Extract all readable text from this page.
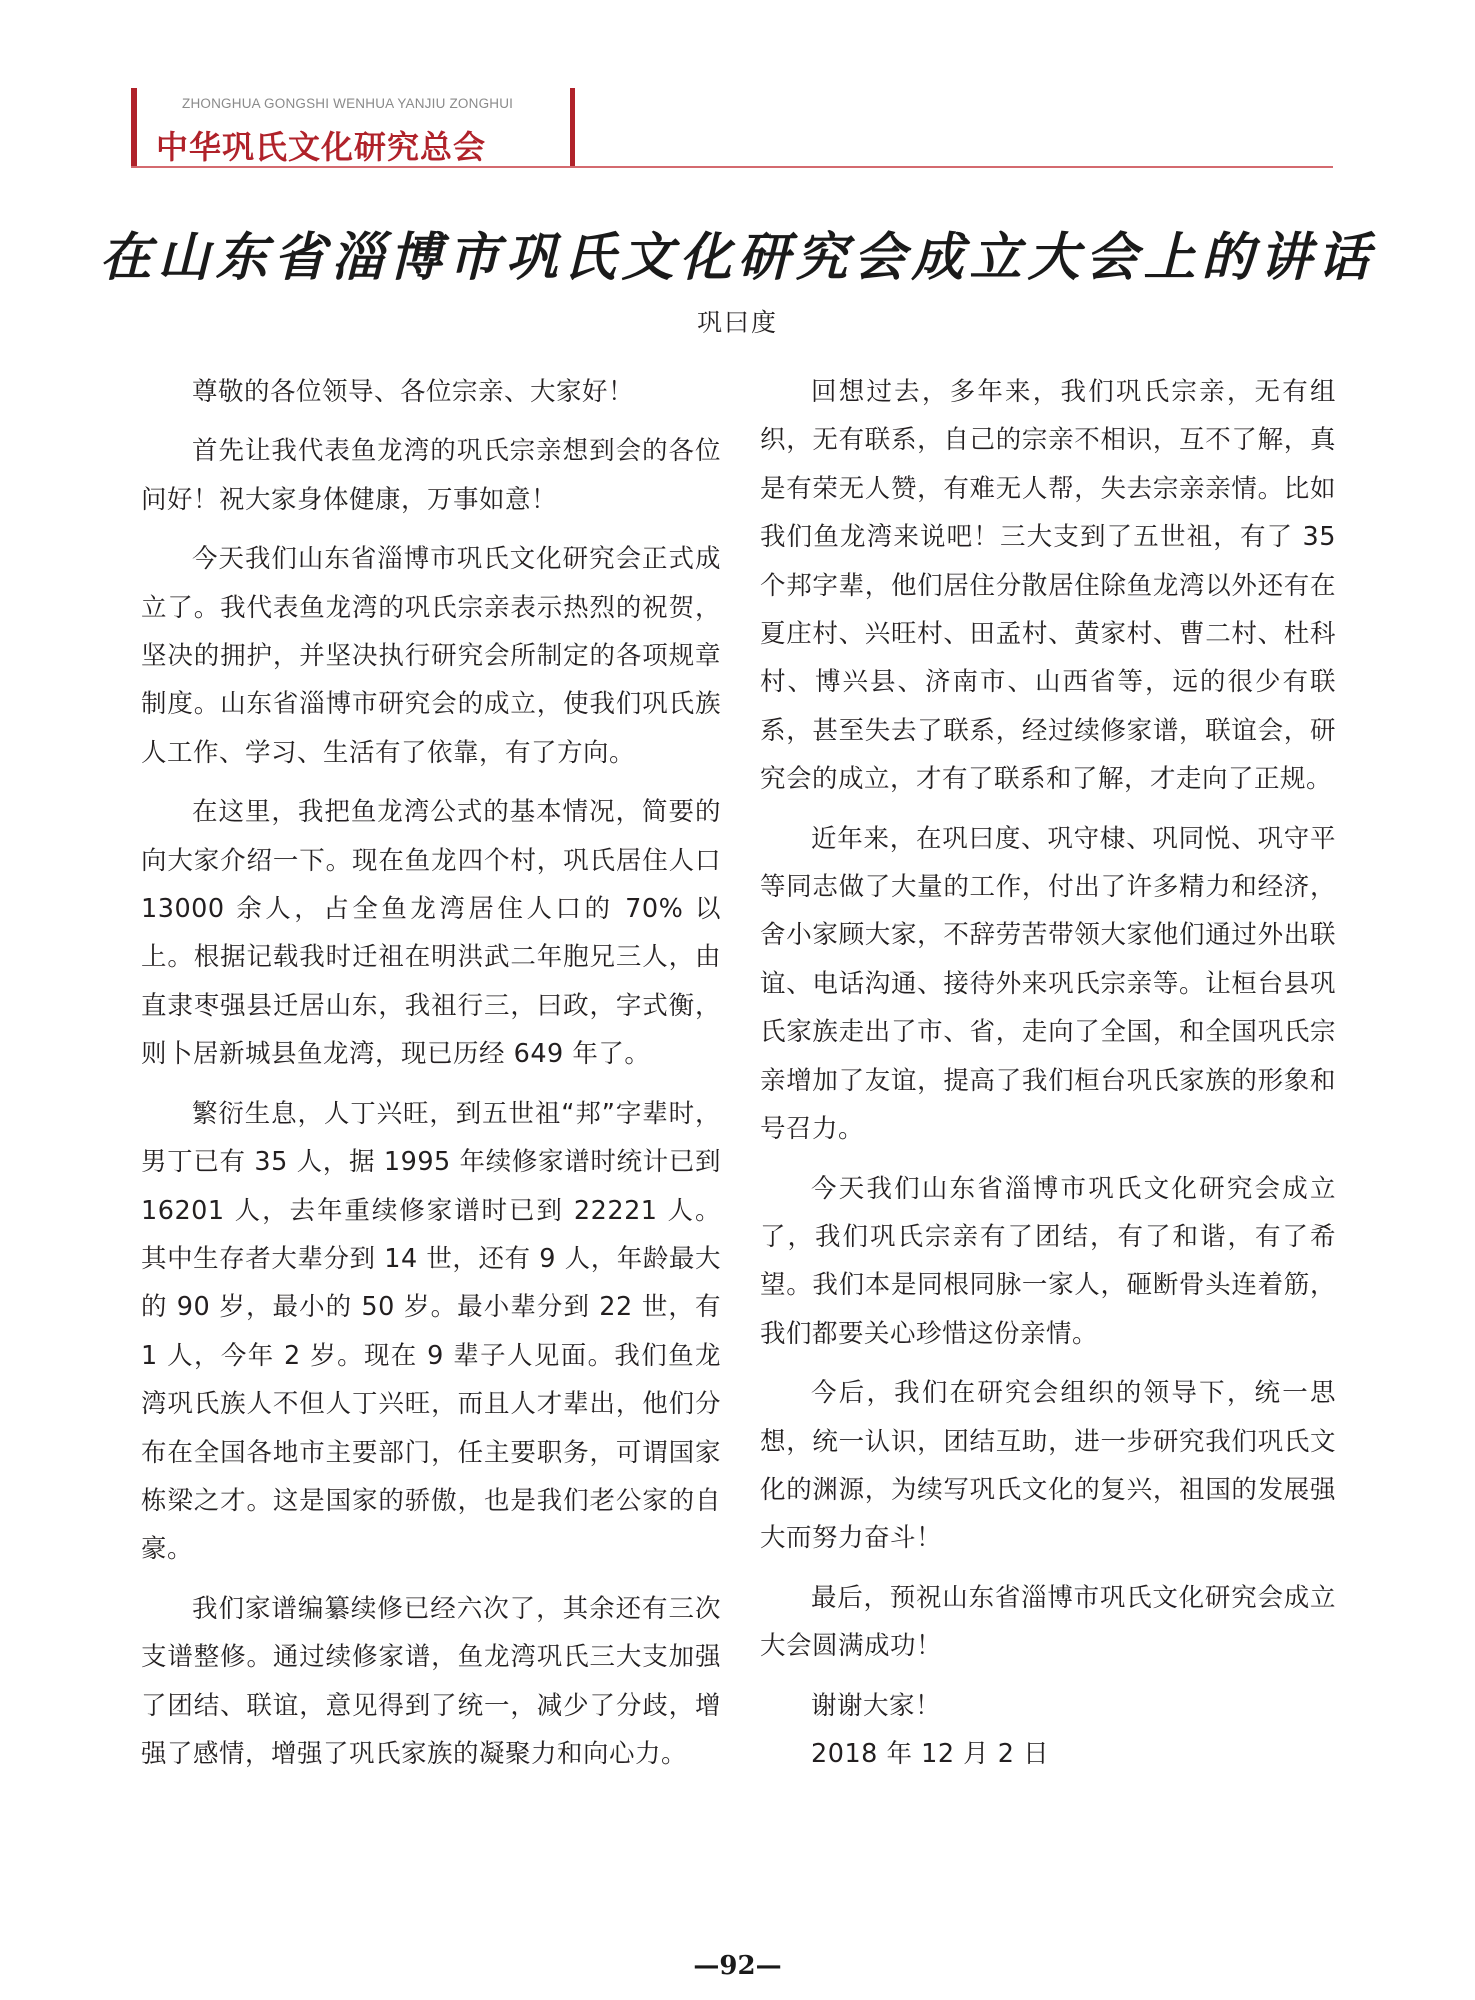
ZHONGHUA GONGSHI WENHUA YANJIU ZONGHUI
中华巩氏文化研究总会
在山东省淄博市巩氏文化研究会成立大会上的讲话
巩曰度

尊敬的各位领导、各位宗亲、大家好！

首先让我代表鱼龙湾的巩氏宗亲想到会的各位问好！祝大家身体健康，万事如意！

今天我们山东省淄博市巩氏文化研究会正式成立了。我代表鱼龙湾的巩氏宗亲表示热烈的祝贺，坚决的拥护，并坚决执行研究会所制定的各项规章制度。山东省淄博市研究会的成立，使我们巩氏族人工作、学习、生活有了依靠，有了方向。

在这里，我把鱼龙湾公式的基本情况，简要的向大家介绍一下。现在鱼龙四个村，巩氏居住人口 13000 余人，占全鱼龙湾居住人口的 70% 以上。根据记载我时迁祖在明洪武二年胞兄三人，由直隶枣强县迁居山东，我祖行三，曰政，字式衡，则卜居新城县鱼龙湾，现已历经 649 年了。

繁衍生息，人丁兴旺，到五世祖“邦”字辈时，男丁已有 35 人，据 1995 年续修家谱时统计已到 16201 人，去年重续修家谱时已到 22221 人。其中生存者大辈分到 14 世，还有 9 人，年龄最大的 90 岁，最小的 50 岁。最小辈分到 22 世，有 1 人，今年 2 岁。现在 9 辈子人见面。我们鱼龙湾巩氏族人不但人丁兴旺，而且人才辈出，他们分布在全国各地市主要部门，任主要职务，可谓国家栋梁之才。这是国家的骄傲，也是我们老公家的自豪。

我们家谱编纂续修已经六次了，其余还有三次支谱整修。通过续修家谱，鱼龙湾巩氏三大支加强了团结、联谊，意见得到了统一，减少了分歧，增强了感情，增强了巩氏家族的凝聚力和向心力。

回想过去，多年来，我们巩氏宗亲，无有组织，无有联系，自己的宗亲不相识，互不了解，真是有荣无人赞，有难无人帮，失去宗亲亲情。比如我们鱼龙湾来说吧！三大支到了五世祖，有了 35 个邦字辈，他们居住分散居住除鱼龙湾以外还有在夏庄村、兴旺村、田孟村、黄家村、曹二村、杜科村、博兴县、济南市、山西省等，远的很少有联系，甚至失去了联系，经过续修家谱，联谊会，研究会的成立，才有了联系和了解，才走向了正规。

近年来，在巩曰度、巩守棣、巩同悦、巩守平等同志做了大量的工作，付出了许多精力和经济，舍小家顾大家，不辞劳苦带领大家他们通过外出联谊、电话沟通、接待外来巩氏宗亲等。让桓台县巩氏家族走出了市、省，走向了全国，和全国巩氏宗亲增加了友谊，提高了我们桓台巩氏家族的形象和号召力。

今天我们山东省淄博市巩氏文化研究会成立了，我们巩氏宗亲有了团结，有了和谐，有了希望。我们本是同根同脉一家人，砸断骨头连着筋，我们都要关心珍惜这份亲情。

今后，我们在研究会组织的领导下，统一思想，统一认识，团结互助，进一步研究我们巩氏文化的渊源，为续写巩氏文化的复兴，祖国的发展强大而努力奋斗！

最后，预祝山东省淄博市巩氏文化研究会成立大会圆满成功！

谢谢大家！

2018 年 12 月 2 日

—92—
